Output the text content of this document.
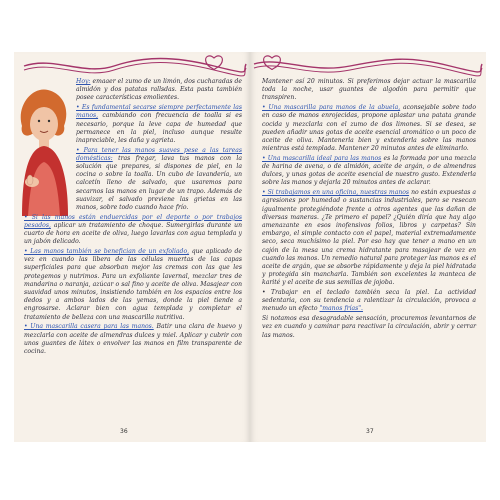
Hoy: emaaer el zumo de un limón, dos cucharadas de almidón y dos patatas rallsdas. Esta pasta también posee características emolientes.

• Es fundamental secarse siempre perfectamente las manos, cambiando con frecuencia de toalla si es necesario, porque la leve capa de humedad que permanece en la piel, incluso aunque resulte inapreciable, les daña y agrieta.

• Para tener las manos suaves pese a las tareas domésticas: tras fregar, lava tus manos con la solución que prepares, si dispones de piel, en la cocina o sobre la toalla. Un cubo de lavandería, un calcetín lleno de salvado, que usaremos para secarnos las manos en lugar de un trapo. Además de suavizar, el salvado previene las grietas en las manos, sobre todo cuando hace frío.

• Si las manos están enduercidas por el deporte o por trabajos pesados, aplicar un tratamiento de choque. Sumergirlas durante un cuarto de hora en aceite de oliva, luego lavarlas con agua templada y un jabón delicado.

• Las manos también se benefician de un exfoliado, que aplicado de vez en cuando las libera de las células muertas de las capas superficiales para que absorban mejor las cremas con las que les protegemos y nutrimos. Para un exfoliante lavernal, mezclar tres de mandarina o naranja, azúcar o sal fino y aceite de oliva. Masajear con suavidad unos minutos, insistiendo también en los espacios entre los dedos y a ambos lados de las yemas, donde la piel tiende a engrosarse. Aclarar bien con agua templada y completar el tratamiento de belleza con una mascarilla nutritiva.

• Una mascarilla casera para las manos. Batir una clara de huevo y mezclarla con aceite de almendras dulces y miel. Aplicar y cubrir con unos guantes de látex o envolver las manos en film transparente de cocina.

36

Mantener así 20 minutos. Si preferimos dejar actuar la mascarilla toda la noche, usar guantes de algodón para permitir que transpiren.

• Una mascarilla para manos de la abuela, aconsejable sobre todo en caso de manos enrojecidas, propone aplastar una patata grande cocida y mezclarla con el zumo de dos limones. Si se desea, se pueden añadir unas gotas de aceite esencial aromático o un poco de aceite de oliva. Mantenerla bien y extenderla sobre las manos mientras está templada. Mantener 20 minutos antes de eliminarlo.

• Una mascarilla ideal para las manos es la formada por una mezcla de harina de avena, o de almidón, aceite de argán, o de almendras dulces, y unas gotas de aceite esencial de nuestro gusto. Extenderla sobre las manos y dejarla 20 minutos antes de aclarar.

• Si trabajamos en una oficina, nuestras manos no están expuestas a agresiones por humedad o sustancias industriales, pero se resecan igualmente protegiéndote frente a otros agentes que las dañan de diversas maneras. ¿Te primero el papel? ¿Quién diría que hay algo amenazante en esos inofensivos folios, libros y carpetas? Sin embargo, el simple contacto con el papel, material extremadamente seco, seca muchísimo la piel. Por eso hay que tener a mano en un cajón de la mesa una crema hidratante para masajear de vez en cuando las manos. Un remedio natural para proteger las manos es el aceite de argán, que se absorbe rápidamente y deja la piel hidratada y protegida sin mancharla. También son excelentes la manteca de karité y el aceite de sus semillas de jojoba.

• Trabajar en el teclado también seca la piel. La actividad sedentaria, con su tendencia a ralentizar la circulación, provoca a menudo un efecto "manos frías".

Si notamos esa desagradable sensación, procuremos levantarnos de vez en cuando y caminar para reactivar la circulación, abrir y cerrar las manos.

37
